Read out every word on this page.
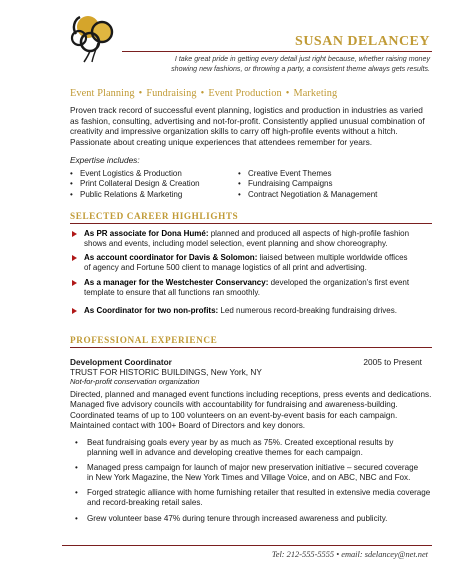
SUSAN DELANCEY
I take great pride in getting every detail just right because, whether raising money
showing new fashions, or throwing a party, a consistent theme always gets results.
Event Planning • Fundraising • Event Production • Marketing
Proven track record of successful event planning, logistics and production in industries as varied
as fashion, consulting, advertising and not-for-profit. Consistently applied unusual combination of
creativity and impressive organization skills to carry off high-profile events without a hitch.
Passionate about creating unique experiences that attendees remember for years.
Expertise includes:
• Event Logistics & Production
• Print Collateral Design & Creation
• Public Relations & Marketing
• Creative Event Themes
• Fundraising Campaigns
• Contract Negotiation & Management
SELECTED CAREER HIGHLIGHTS
As PR associate for Dona Humé: planned and produced all aspects of high-profile fashion
shows and events, including model selection, event planning and show choreography.
As account coordinator for Davis & Solomon: liaised between multiple worldwide offices
of agency and Fortune 500 client to manage logistics of all print and advertising.
As a manager for the Westchester Conservancy: developed the organization's first event
template to ensure that all functions ran smoothly.
As Coordinator for two non-profits: Led numerous record-breaking fundraising drives.
PROFESSIONAL EXPERIENCE
Development Coordinator	2005 to Present
TRUST FOR HISTORIC BUILDINGS, New York, NY
Not-for-profit conservation organization
Directed, planned and managed event functions including receptions, press events and dedications.
Managed five advisory councils with accountability for fundraising and awareness-building.
Coordinated teams of up to 100 volunteers on an event-by-event basis for each campaign.
Maintained contact with 100+ Board of Directors and key donors.
• Beat fundraising goals every year by as much as 75%. Created exceptional results by
planning well in advance and developing creative themes for each campaign.
• Managed press campaign for launch of major new preservation initiative – secured coverage
in New York Magazine, the New York Times and Village Voice, and on ABC, NBC and Fox.
• Forged strategic alliance with home furnishing retailer that resulted in extensive media coverage
and record-breaking retail sales.
• Grew volunteer base 47% during tenure through increased awareness and publicity.
Tel: 212-555-5555 • email: sdelancey@net.net
